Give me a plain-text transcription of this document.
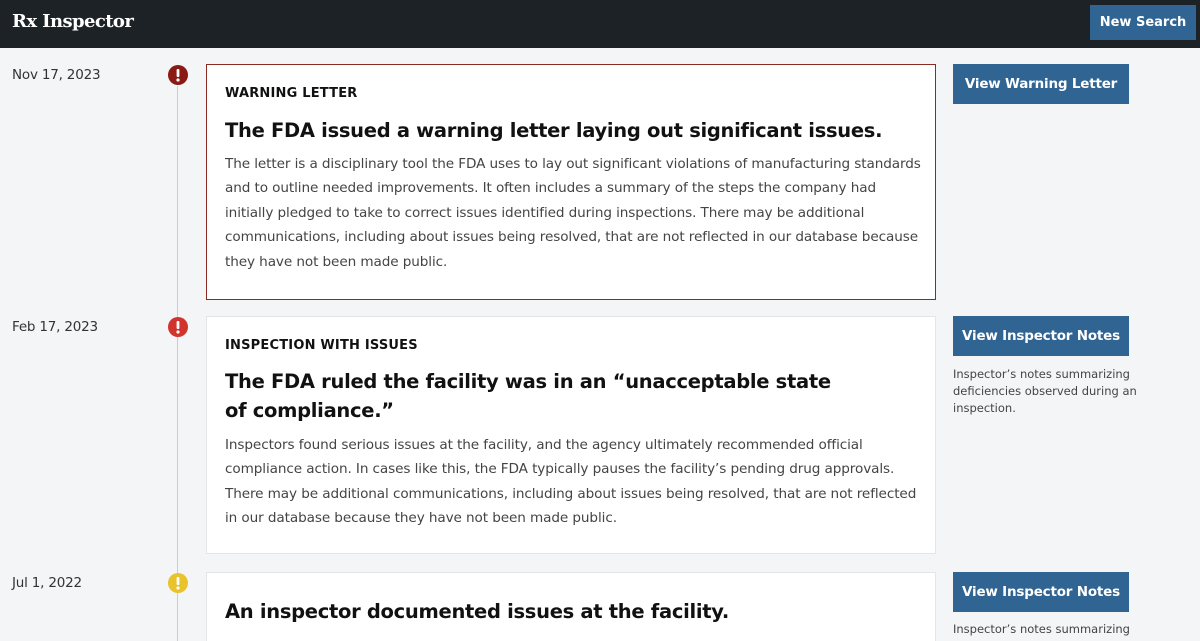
Rx Inspector	New Search
Nov 17, 2023
WARNING LETTER
The FDA issued a warning letter laying out significant issues.
The letter is a disciplinary tool the FDA uses to lay out significant violations of manufacturing standards and to outline needed improvements. It often includes a summary of the steps the company had initially pledged to take to correct issues identified during inspections. There may be additional communications, including about issues being resolved, that are not reflected in our database because they have not been made public.
View Warning Letter
Feb 17, 2023
INSPECTION WITH ISSUES
The FDA ruled the facility was in an “unacceptable state of compliance.”
Inspectors found serious issues at the facility, and the agency ultimately recommended official compliance action. In cases like this, the FDA typically pauses the facility’s pending drug approvals. There may be additional communications, including about issues being resolved, that are not reflected in our database because they have not been made public.
View Inspector Notes
Inspector’s notes summarizing deficiencies observed during an inspection.
Jul 1, 2022
An inspector documented issues at the facility.
View Inspector Notes
Inspector’s notes summarizing
